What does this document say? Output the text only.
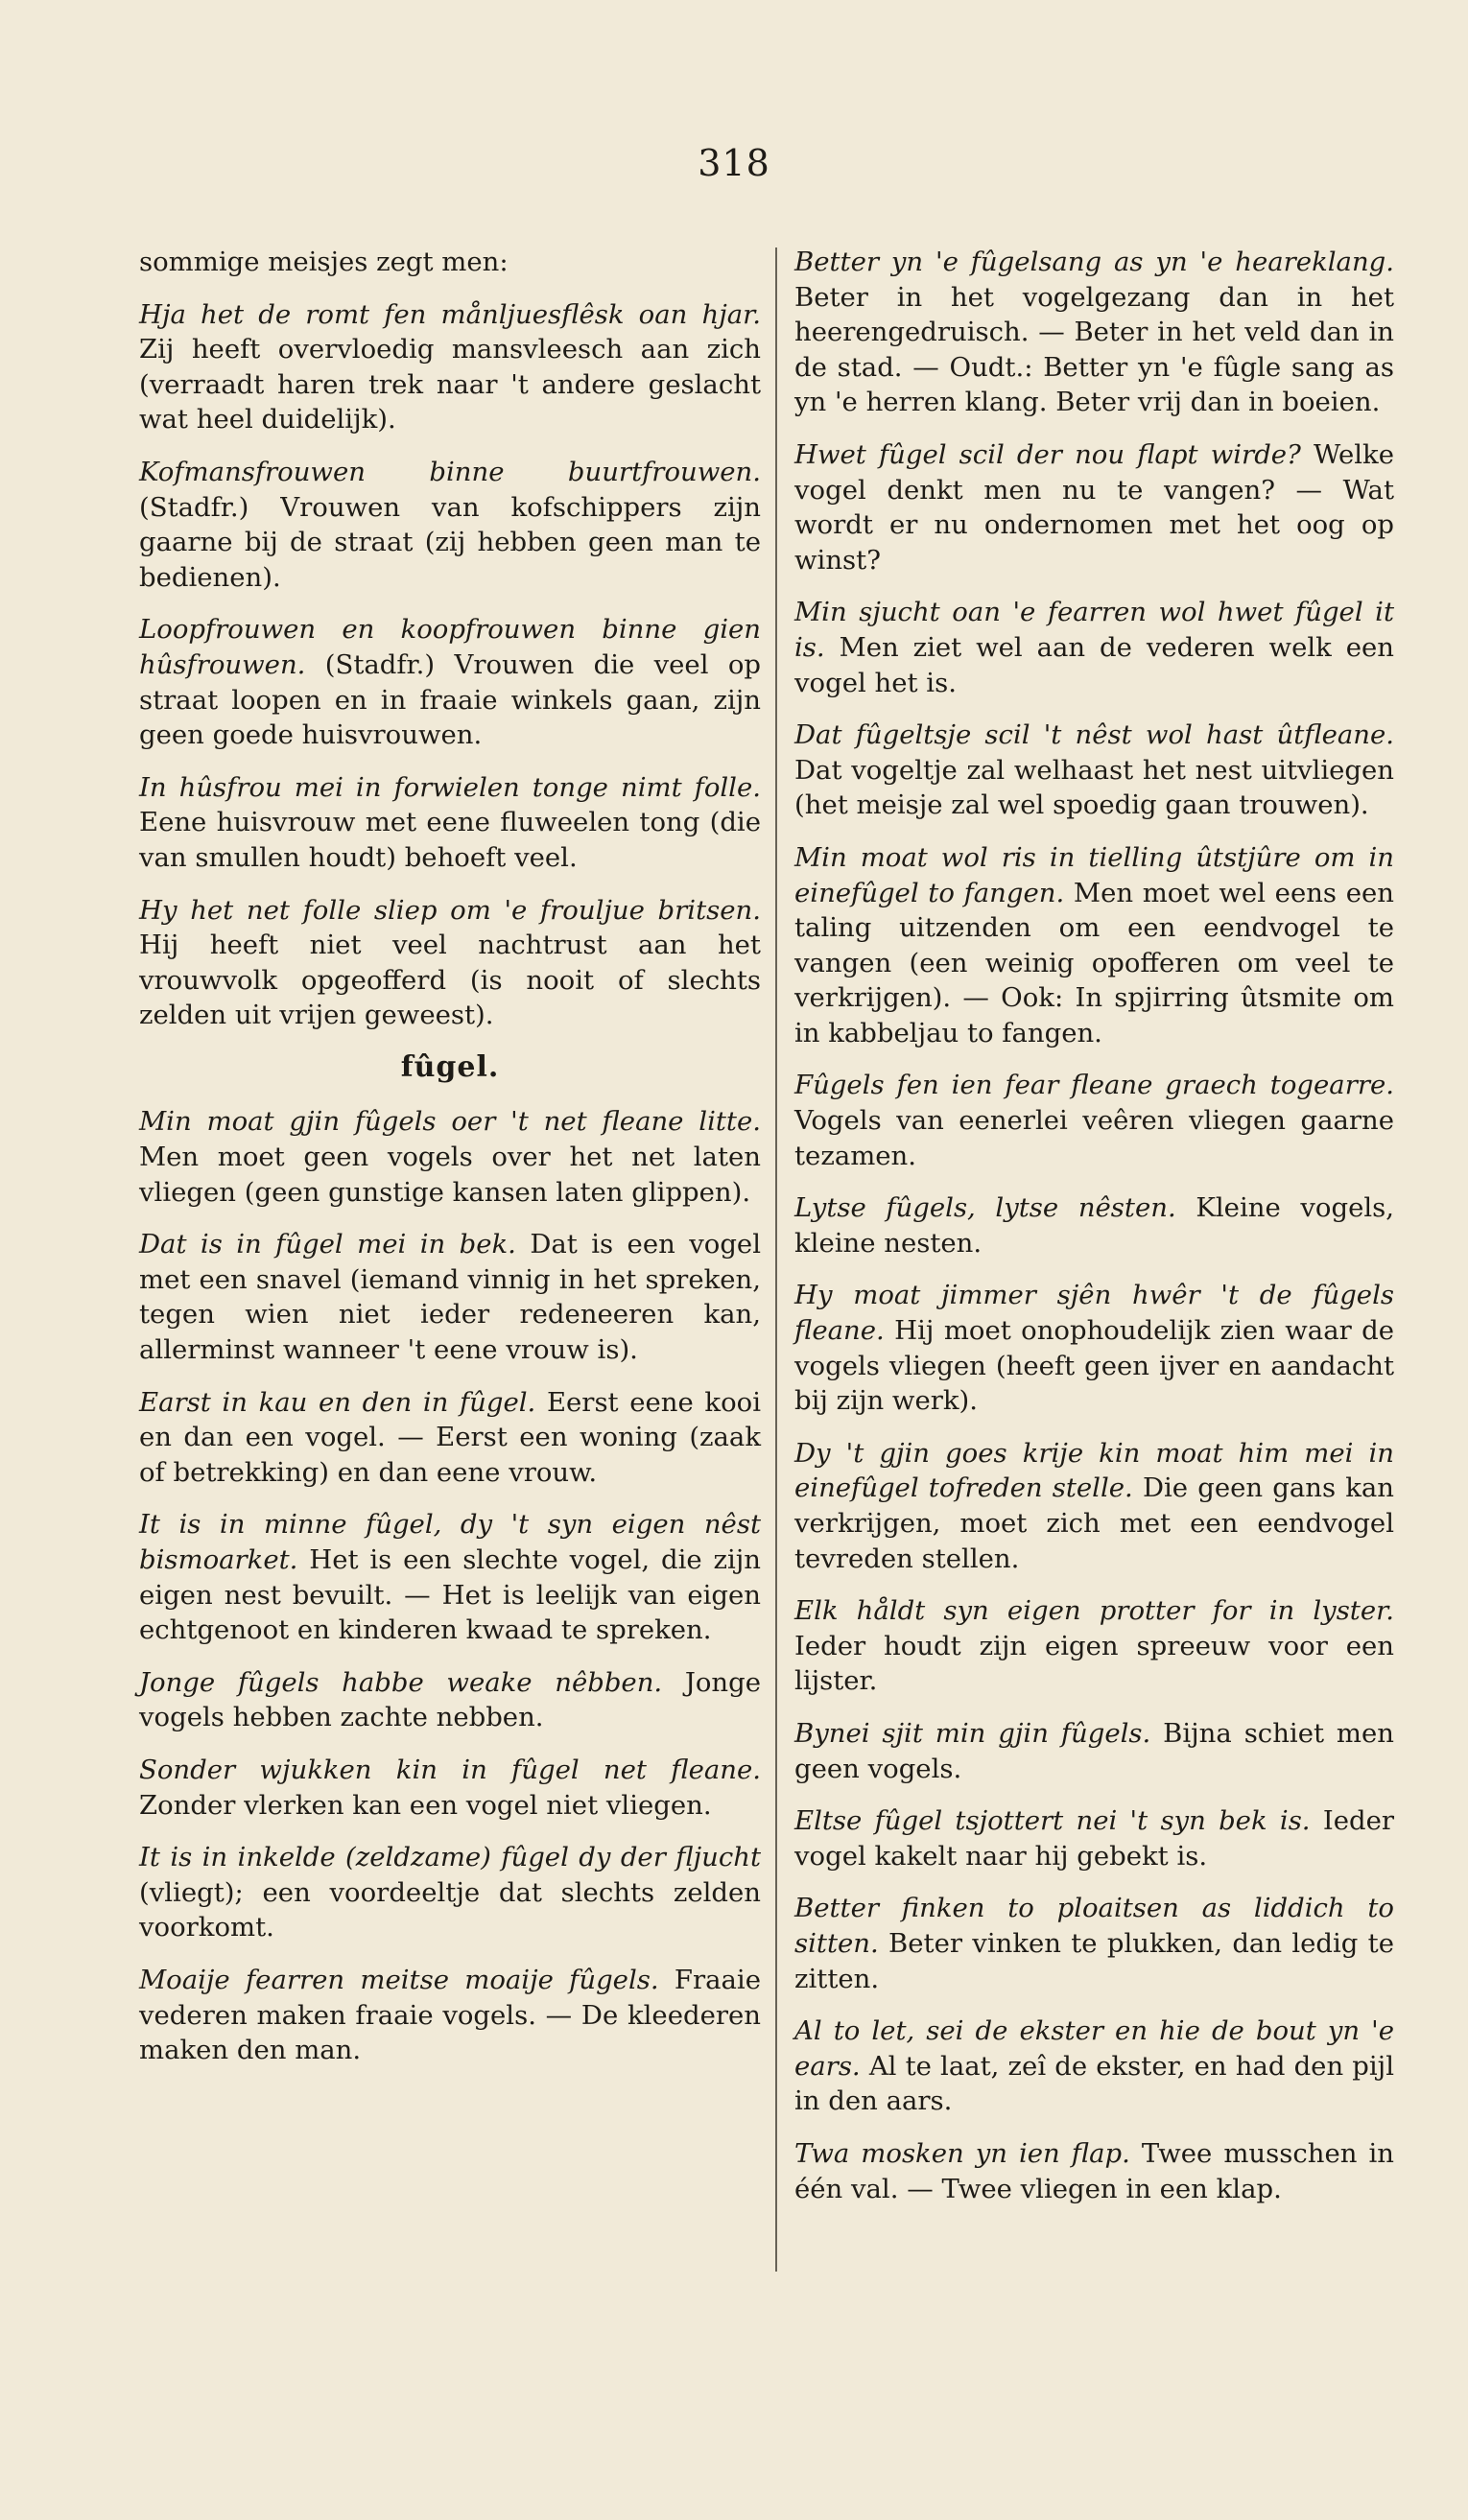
318

sommige meisjes zegt men:

Hja het de romt fen månljuesflêsk oan hjar. Zij heeft overvloedig mansvleesch aan zich (verraadt haren trek naar 't andere geslacht wat heel duidelijk).

Kofmansfrouwen binne buurtfrouwen. (Stadfr.) Vrouwen van kofschippers zijn gaarne bij de straat (zij hebben geen man te bedienen).

Loopfrouwen en koopfrouwen binne gien hûsfrouwen. (Stadfr.) Vrouwen die veel op straat loopen en in fraaie winkels gaan, zijn geen goede huisvrouwen.

In hûsfrou mei in forwielen tonge nimt folle. Eene huisvrouw met eene fluweelen tong (die van smullen houdt) behoeft veel.

Hy het net folle sliep om 'e frouljue britsen. Hij heeft niet veel nachtrust aan het vrouwvolk opgeofferd (is nooit of slechts zelden uit vrijen geweest).

fûgel.

Min moat gjin fûgels oer 't net fleane litte. Men moet geen vogels over het net laten vliegen (geen gunstige kansen laten glippen).

Dat is in fûgel mei in bek. Dat is een vogel met een snavel (iemand vinnig in het spreken, tegen wien niet ieder redeneeren kan, allerminst wanneer 't eene vrouw is).

Earst in kau en den in fûgel. Eerst eene kooi en dan een vogel. — Eerst een woning (zaak of betrekking) en dan eene vrouw.

It is in minne fûgel, dy 't syn eigen nêst bismoarket. Het is een slechte vogel, die zijn eigen nest bevuilt. — Het is leelijk van eigen echtgenoot en kinderen kwaad te spreken.

Jonge fûgels habbe weake nêbben. Jonge vogels hebben zachte nebben.

Sonder wjukken kin in fûgel net fleane. Zonder vlerken kan een vogel niet vliegen.

It is in inkelde (zeldzame) fûgel dy der fljucht (vliegt); een voordeeltje dat slechts zelden voorkomt.

Moaije fearren meitse moaije fûgels. Fraaie vederen maken fraaie vogels. — De kleederen maken den man.

Better yn 'e fûgelsang as yn 'e heareklang. Beter in het vogelgezang dan in het heerengedruisch. — Beter in het veld dan in de stad. — Oudt.: Better yn 'e fûgle sang as yn 'e herren klang. Beter vrij dan in boeien.

Hwet fûgel scil der nou flapt wirde? Welke vogel denkt men nu te vangen? — Wat wordt er nu ondernomen met het oog op winst?

Min sjucht oan 'e fearren wol hwet fûgel it is. Men ziet wel aan de vederen welk een vogel het is.

Dat fûgeltsje scil 't nêst wol hast ûtfleane. Dat vogeltje zal welhaast het nest uitvliegen (het meisje zal wel spoedig gaan trouwen).

Min moat wol ris in tielling ûtstjûre om in einefûgel to fangen. Men moet wel eens een taling uitzenden om een eendvogel te vangen (een weinig opofferen om veel te verkrijgen). — Ook: In spjirring ûtsmite om in kabbeljau to fangen.

Fûgels fen ien fear fleane graech togearre. Vogels van eenerlei veêren vliegen gaarne tezamen.

Lytse fûgels, lytse nêsten. Kleine vogels, kleine nesten.

Hy moat jimmer sjên hwêr 't de fûgels fleane. Hij moet onophoudelijk zien waar de vogels vliegen (heeft geen ijver en aandacht bij zijn werk).

Dy 't gjin goes krije kin moat him mei in einefûgel tofreden stelle. Die geen gans kan verkrijgen, moet zich met een eendvogel tevreden stellen.

Elk håldt syn eigen protter for in lyster. Ieder houdt zijn eigen spreeuw voor een lijster.

Bynei sjit min gjin fûgels. Bijna schiet men geen vogels.

Eltse fûgel tsjottert nei 't syn bek is. Ieder vogel kakelt naar hij gebekt is.

Better finken to ploaitsen as liddich to sitten. Beter vinken te plukken, dan ledig te zitten.

Al to let, sei de ekster en hie de bout yn 'e ears. Al te laat, zeî de ekster, en had den pijl in den aars.

Twa mosken yn ien flap. Twee musschen in één val. — Twee vliegen in een klap.
